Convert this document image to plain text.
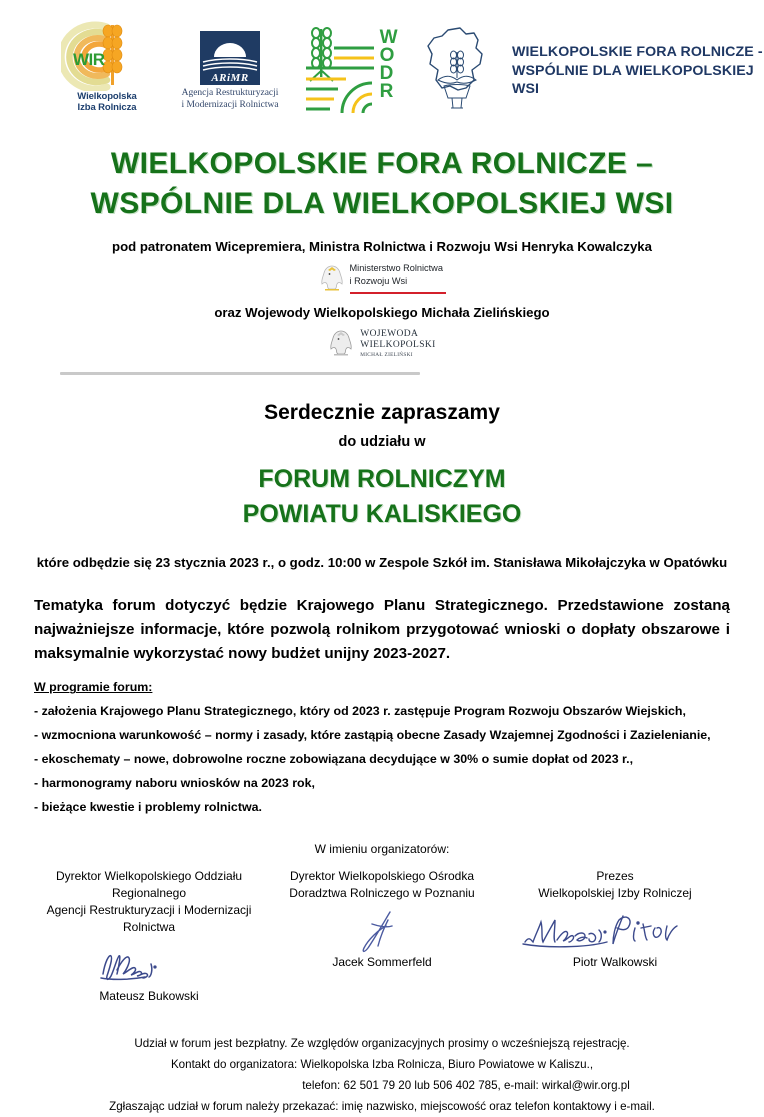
WIR
Wielkopolska
Izba Rolnicza
ARiMR
Agencja Restrukturyzacji
i Modernizacji Rolnictwa
W
O
D
R
WIELKOPOLSKIE FORA ROLNICZE -
WSPÓLNIE DLA WIELKOPOLSKIEJ WSI
WIELKOPOLSKIE FORA ROLNICZE –
WSPÓLNIE DLA WIELKOPOLSKIEJ WSI
pod patronatem Wicepremiera, Ministra Rolnictwa i Rozwoju Wsi Henryka Kowalczyka
Ministerstwo Rolnictwa
i Rozwoju Wsi
oraz Wojewody Wielkopolskiego Michała Zielińskiego
WOJEWODA
WIELKOPOLSKI
MICHAŁ ZIELIŃSKI
Serdecznie zapraszamy
do udziału w
FORUM ROLNICZYM
POWIATU KALISKIEGO
które odbędzie się 23 stycznia 2023 r., o godz. 10:00 w Zespole Szkół im. Stanisława Mikołajczyka w Opatówku
Tematyka forum dotyczyć będzie Krajowego Planu Strategicznego. Przedstawione zostaną najważniejsze informacje, które pozwolą rolnikom przygotować wnioski o dopłaty obszarowe i maksymalnie wykorzystać nowy budżet unijny 2023-2027.
W programie forum:
- założenia Krajowego Planu Strategicznego, który od 2023 r. zastępuje Program Rozwoju Obszarów Wiejskich,
- wzmocniona warunkowość – normy i zasady, które zastąpią obecne Zasady Wzajemnej Zgodności i Zazielenianie,
- ekoschematy – nowe, dobrowolne roczne zobowiązana decydujące w 30% o sumie dopłat od 2023 r.,
- harmonogramy naboru wniosków na 2023 rok,
- bieżące kwestie i problemy rolnictwa.
W imieniu organizatorów:
Dyrektor Wielkopolskiego Oddziału Regionalnego
Agencji Restrukturyzacji i Modernizacji Rolnictwa
Mateusz Bukowski
Dyrektor Wielkopolskiego Ośrodka
Doradztwa Rolniczego w Poznaniu
Jacek Sommerfeld
Prezes
Wielkopolskiej Izby Rolniczej
Piotr Walkowski
Udział w forum jest bezpłatny. Ze względów organizacyjnych prosimy o wcześniejszą rejestrację.
Kontakt do organizatora: Wielkopolska Izba Rolnicza, Biuro Powiatowe w Kaliszu.,
telefon: 62 501 79 20 lub 506 402 785, e-mail: wirkal@wir.org.pl
Zgłaszając udział w forum należy przekazać: imię nazwisko, miejscowość oraz telefon kontaktowy i e-mail.
